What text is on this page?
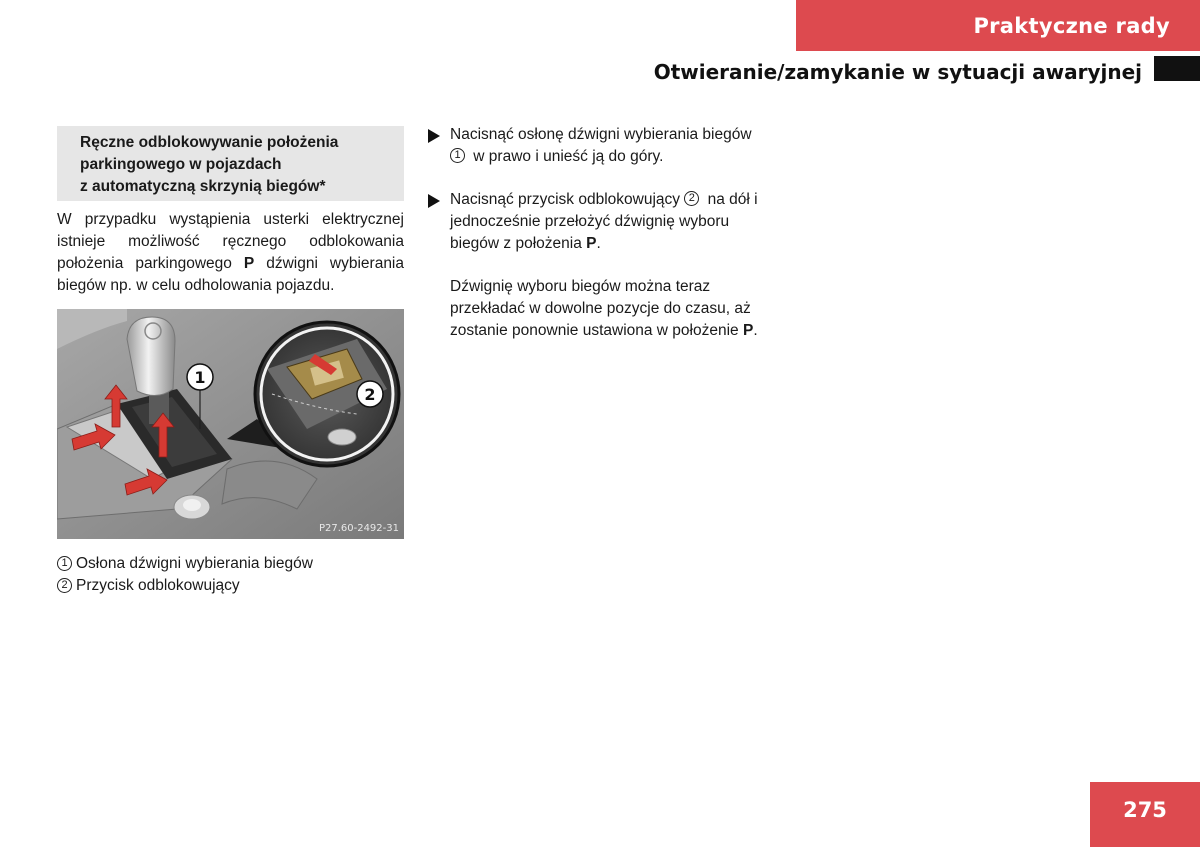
Praktyczne rady
Otwieranie/zamykanie w sytuacji awaryjnej
Ręczne odblokowywanie położenia
parkingowego w pojazdach
z automatyczną skrzynią biegów*
W przypadku wystąpienia usterki elektrycznej istnieje możliwość ręcznego odblokowania położenia parkingowego P dźwigni wybierania biegów np. w celu odholowania pojazdu.
1
2
P27.60-2492-31
1 Osłona dźwigni wybierania biegów
2 Przycisk odblokowujący
Nacisnąć osłonę dźwigni wybierania biegów 1 w prawo i unieść ją do góry.
Nacisnąć przycisk odblokowujący 2 na dół i jednocześnie przełożyć dźwignię wyboru biegów z położenia P.
Dźwignię wyboru biegów można teraz przekładać w dowolne pozycje do czasu, aż zostanie ponownie ustawiona w położenie P.
275
